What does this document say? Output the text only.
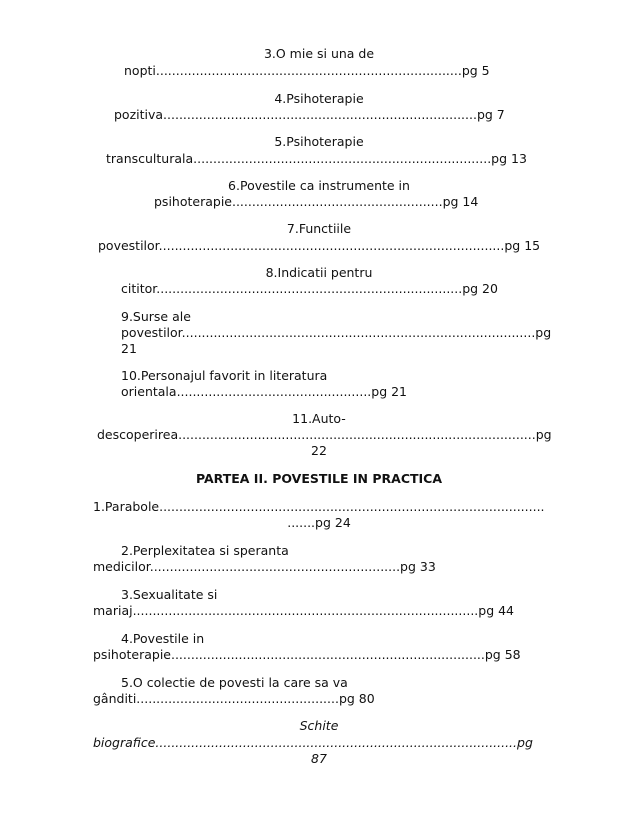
3.O mie si una de
nopti.............................................................................pg 5
4.Psihoterapie
pozitiva...............................................................................pg 7
5.Psihoterapie
transculturala...........................................................................pg 13
6.Povestile ca instrumente in
psihoterapie.....................................................pg 14
7.Functiile
povestilor.......................................................................................pg 15
8.Indicatii pentru
cititor.............................................................................pg 20
9.Surse ale
povestilor.........................................................................................pg
21
10.Personajul favorit in literatura
orientala.................................................pg 21
11.Auto-
descoperirea..........................................................................................pg
22
PARTEA II. POVESTILE IN PRACTICA
1.Parabole.................................................................................................
.......pg 24
2.Perplexitatea si speranta
medicilor...............................................................pg 33
3.Sexualitate si
mariaj.......................................................................................pg 44
4.Povestile in
psihoterapie...............................................................................pg 58
5.O colectie de povesti la care sa va
gânditi...................................................pg 80
Schite
biografice...........................................................................................pg
87
